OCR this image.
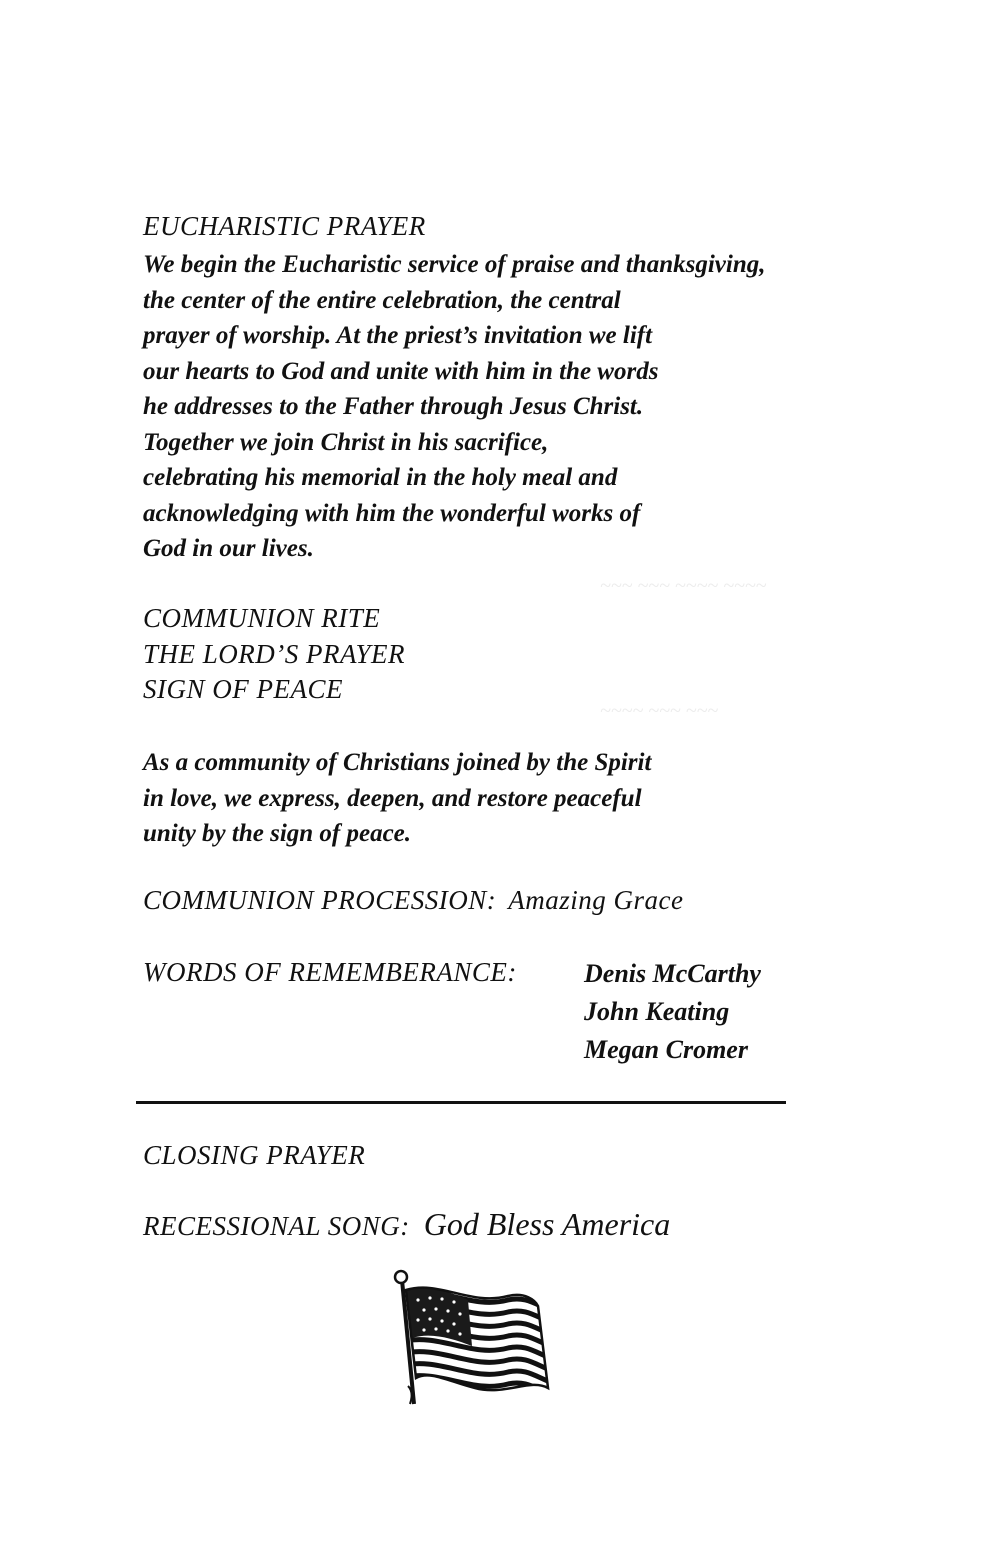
~~~ ~~~ ~~~~ ~~~~
~~~~ ~~~ ~~~
EUCHARISTIC PRAYER
We begin the Eucharistic service of praise and thanksgiving,
the center of the entire celebration, the central
prayer of worship. At the priest’s invitation we lift
our hearts to God and unite with him in the words
he addresses to the Father through Jesus Christ.
Together we join Christ in his sacrifice,
celebrating his memorial in the holy meal and
acknowledging with him the wonderful works of
God in our lives.
COMMUNION RITE
THE LORD’S PRAYER
SIGN OF PEACE
As a community of Christians joined by the Spirit
in love, we express, deepen, and restore peaceful
unity by the sign of peace.
COMMUNION PROCESSION: Amazing Grace
WORDS OF REMEMBERANCE:	Denis McCarthy
John Keating
Megan Cromer
CLOSING PRAYER
RECESSIONAL SONG: God Bless America
